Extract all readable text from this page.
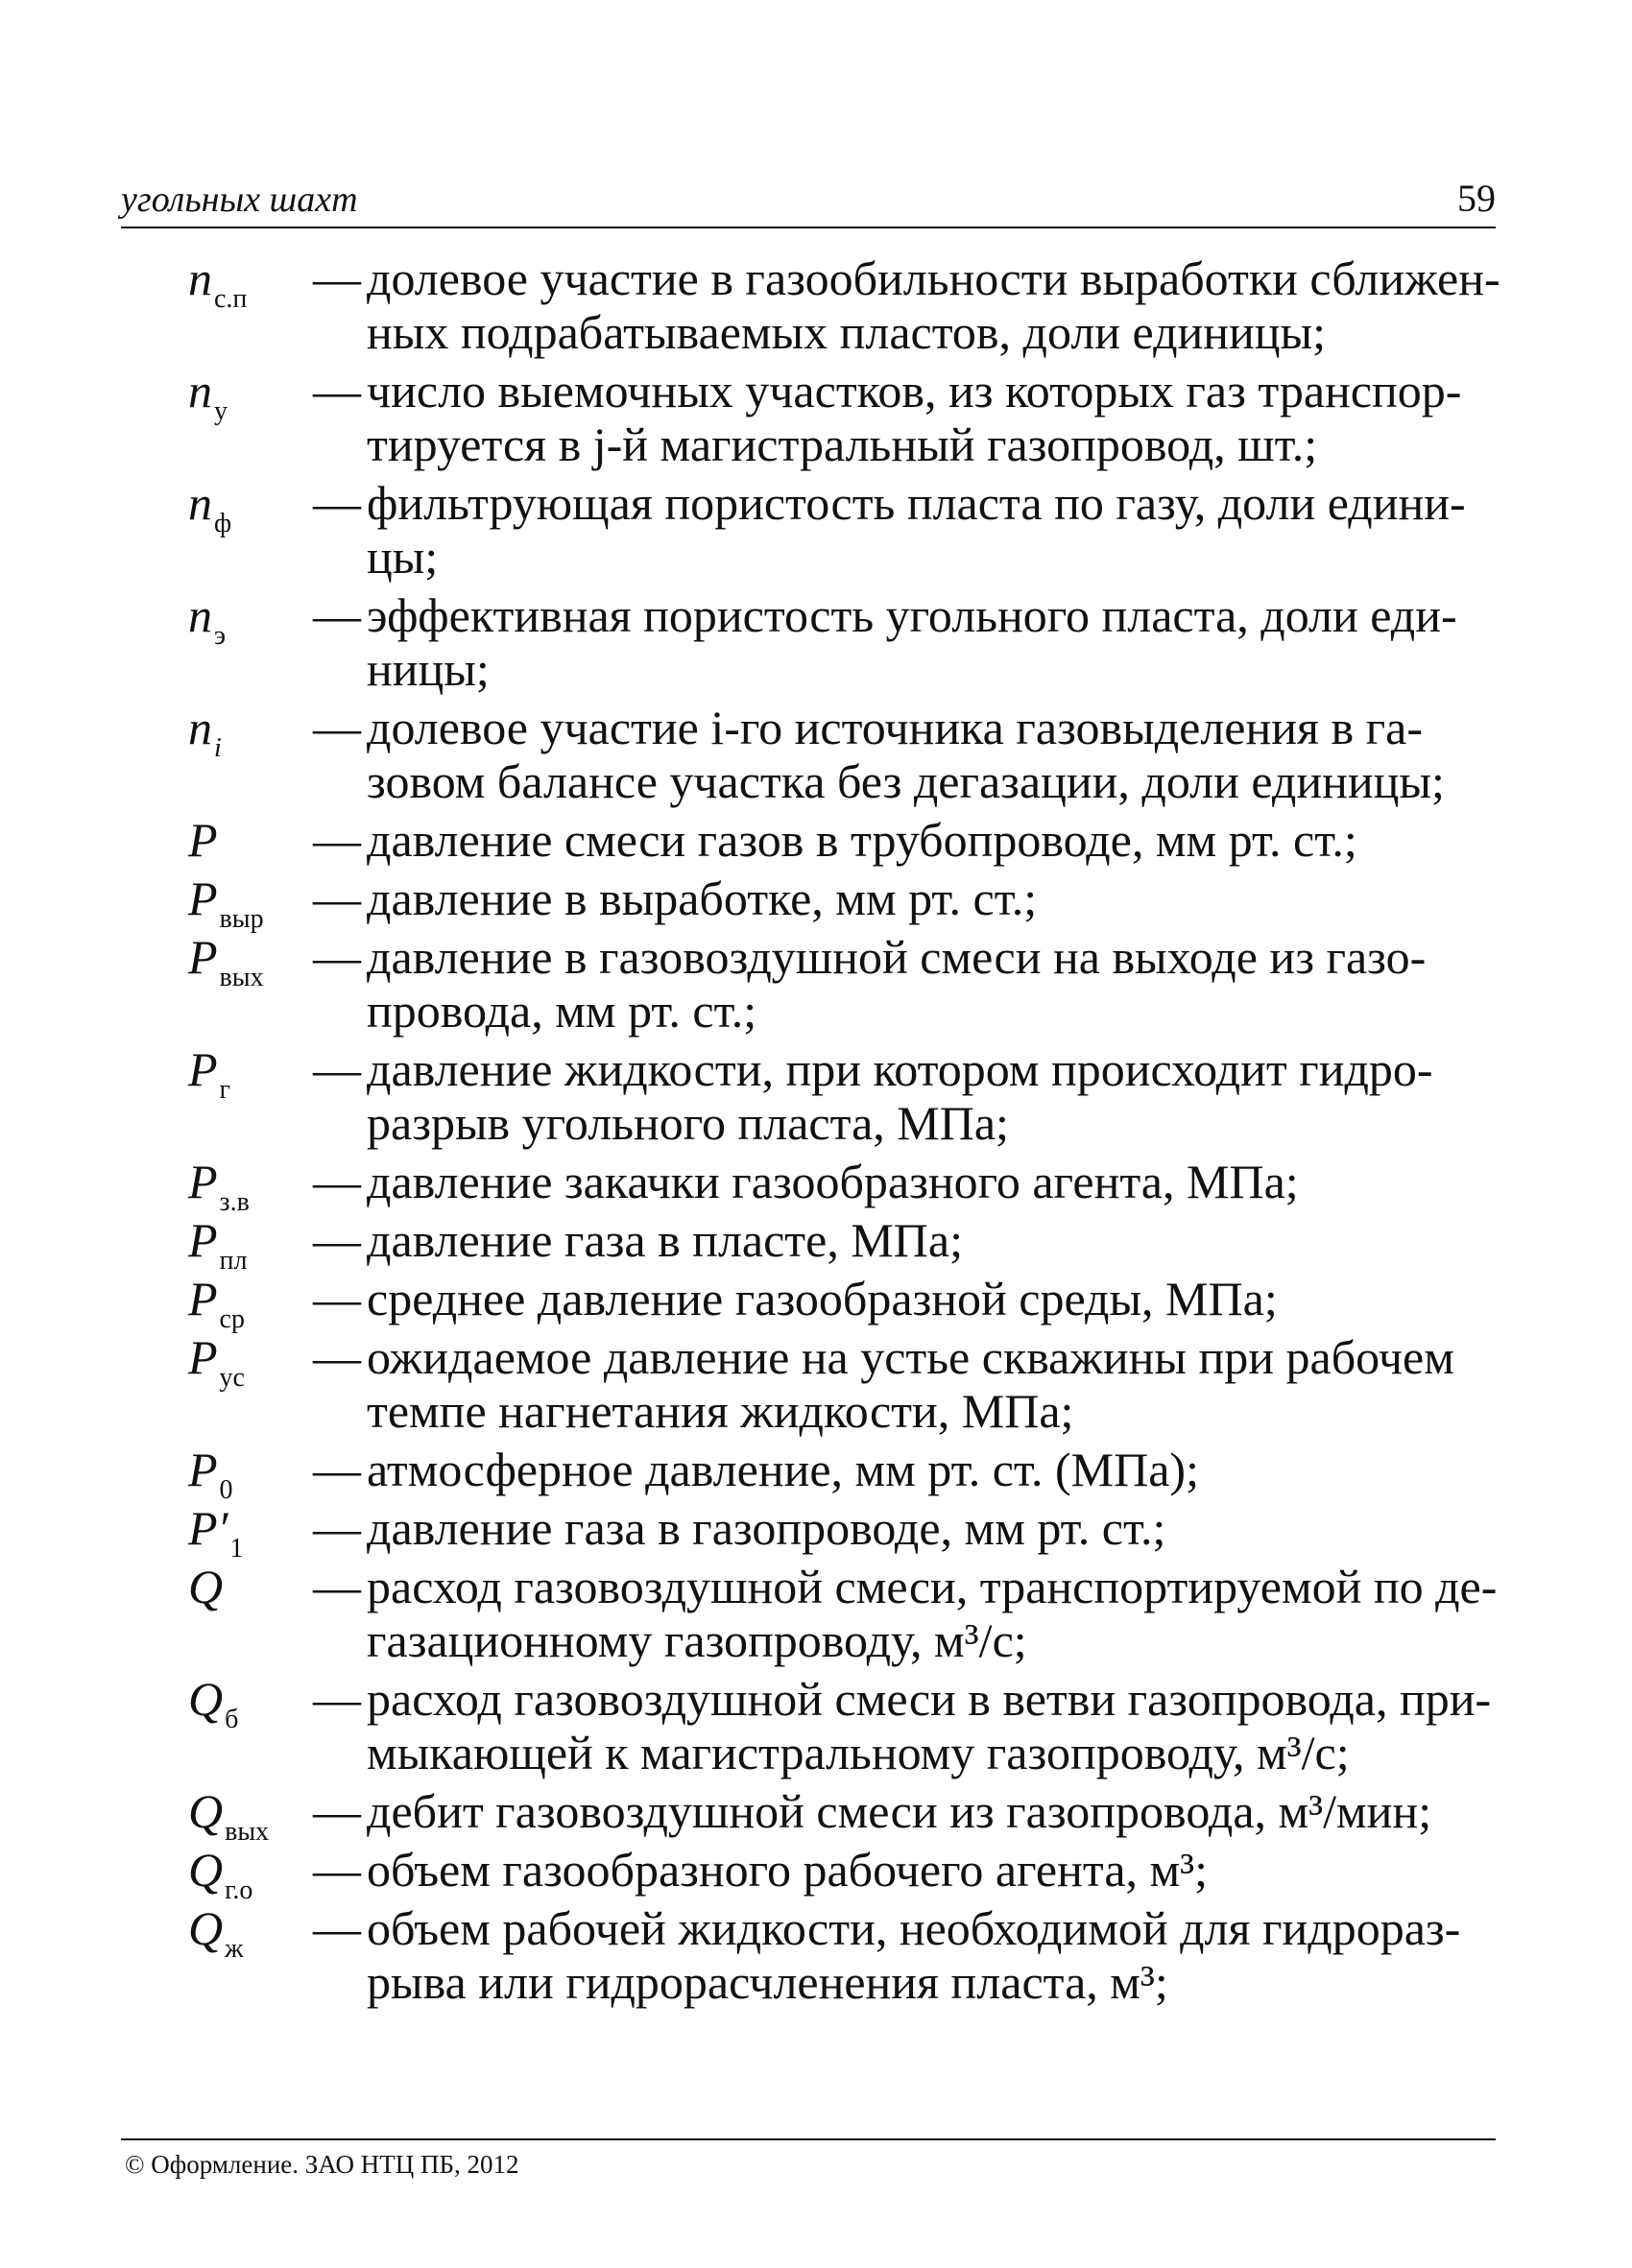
угольных шахт	59
$n_{с.п}$ — долевое участие в газообильности выработки сближен-
ных подрабатываемых пластов, доли единицы;
$n_у$ — число выемочных участков, из которых газ транспор-
тируется в j-й магистральный газопровод, шт.;
$n_ф$ — фильтрующая пористость пласта по газу, доли едини-
цы;
$n_э$ — эффективная пористость угольного пласта, доли еди-
ницы;
$n_i$ — долевое участие i-го источника газовыделения в га-
зовом балансе участка без дегазации, доли единицы;
P — давление смеси газов в трубопроводе, мм рт. ст.;
$P_{выр}$ — давление в выработке, мм рт. ст.;
$P_{вых}$ — давление в газовоздушной смеси на выходе из газо-
провода, мм рт. ст.;
$P_г$ — давление жидкости, при котором происходит гидро-
разрыв угольного пласта, МПа;
$P_{з.в}$ — давление закачки газообразного агента, МПа;
$P_{пл}$ — давление газа в пласте, МПа;
$P_{ср}$ — среднее давление газообразной среды, МПа;
$P_{ус}$ — ожидаемое давление на устье скважины при рабочем
темпе нагнетания жидкости, МПа;
$P_0$ — атмосферное давление, мм рт. ст. (МПа);
$P'_1$ — давление газа в газопроводе, мм рт. ст.;
Q — расход газовоздушной смеси, транспортируемой по де-
газационному газопроводу, м³/с;
$Q_б$ — расход газовоздушной смеси в ветви газопровода, при-
мыкающей к магистральному газопроводу, м³/с;
$Q_{вых}$ — дебит газовоздушной смеси из газопровода, м³/мин;
$Q_{г.о}$ — объем газообразного рабочего агента, м³;
$Q_ж$ — объем рабочей жидкости, необходимой для гидрораз-
рыва или гидрорасчленения пласта, м³;
© Оформление. ЗАО НТЦ ПБ, 2012
